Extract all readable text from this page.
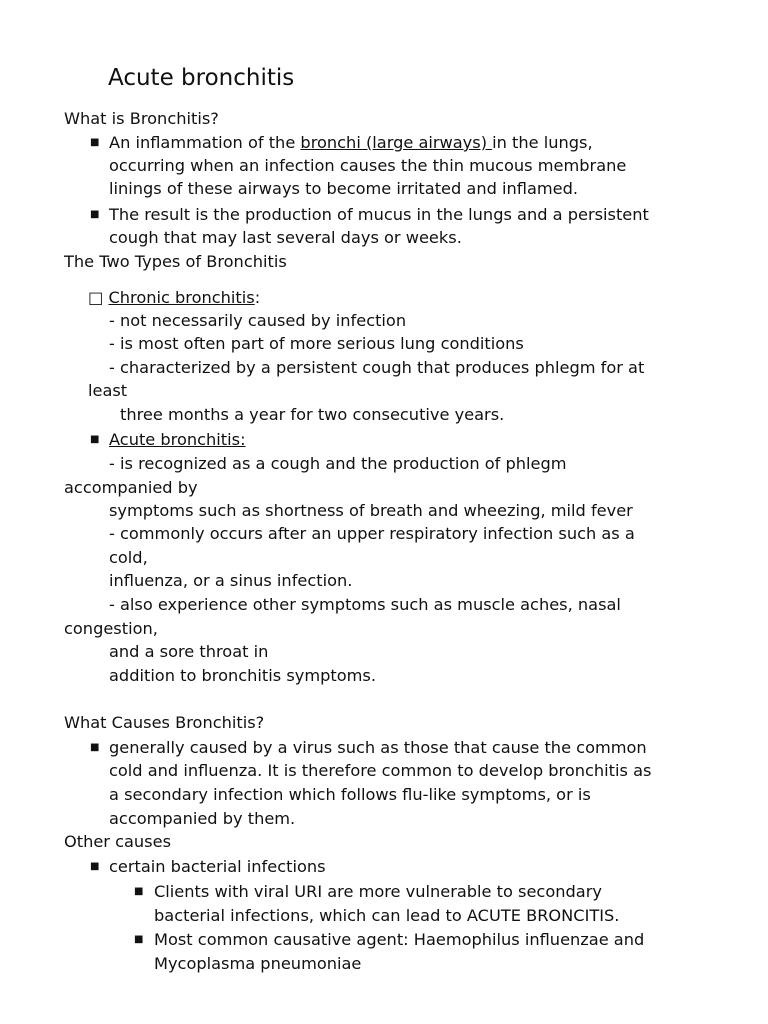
Acute bronchitis
What is Bronchitis?
■ An inflammation of the bronchi (large airways) in the lungs,
occurring when an infection causes the thin mucous membrane
linings of these airways to become irritated and inflamed.
■ The result is the production of mucus in the lungs and a persistent
cough that may last several days or weeks.
The Two Types of Bronchitis
□ Chronic bronchitis:
- not necessarily caused by infection
- is most often part of more serious lung conditions
- characterized by a persistent cough that produces phlegm for at
least
three months a year for two consecutive years.
■ Acute bronchitis:
- is recognized as a cough and the production of phlegm
accompanied by
symptoms such as shortness of breath and wheezing, mild fever
- commonly occurs after an upper respiratory infection such as a
cold,
influenza, or a sinus infection.
- also experience other symptoms such as muscle aches, nasal
congestion,
and a sore throat in
addition to bronchitis symptoms.
What Causes Bronchitis?
■ generally caused by a virus such as those that cause the common
cold and influenza. It is therefore common to develop bronchitis as
a secondary infection which follows flu-like symptoms, or is
accompanied by them.
Other causes
■ certain bacterial infections
■ Clients with viral URI are more vulnerable to secondary
bacterial infections, which can lead to ACUTE BRONCITIS.
■ Most common causative agent: Haemophilus influenzae and
Mycoplasma pneumoniae
